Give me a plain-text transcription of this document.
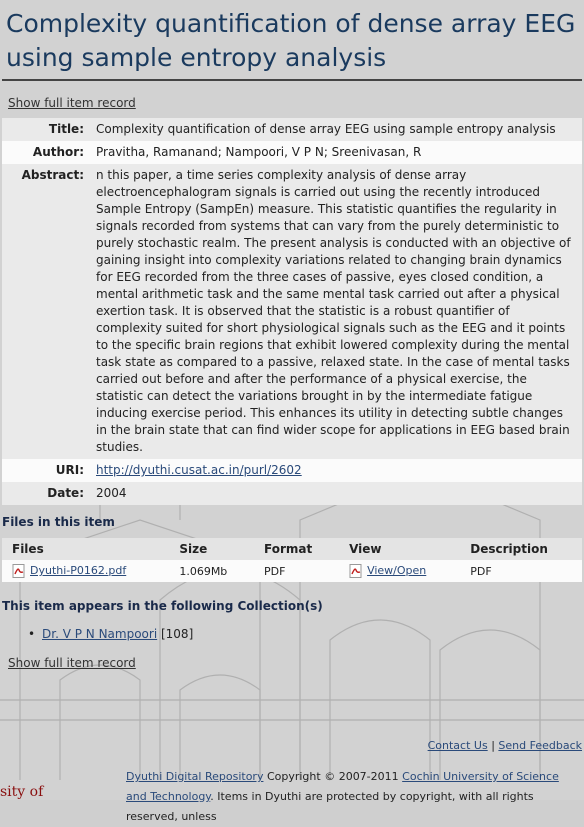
Complexity quantification of dense array EEG using sample entropy analysis
Show full item record
Title:	Complexity quantification of dense array EEG using sample entropy analysis
Author:	Pravitha, Ramanand; Nampoori, V P N; Sreenivasan, R
Abstract:	n this paper, a time series complexity analysis of dense array electroencephalogram signals is carried out using the recently introduced Sample Entropy (SampEn) measure. This statistic quantifies the regularity in signals recorded from systems that can vary from the purely deterministic to purely stochastic realm. The present analysis is conducted with an objective of gaining insight into complexity variations related to changing brain dynamics for EEG recorded from the three cases of passive, eyes closed condition, a mental arithmetic task and the same mental task carried out after a physical exertion task. It is observed that the statistic is a robust quantifier of complexity suited for short physiological signals such as the EEG and it points to the specific brain regions that exhibit lowered complexity during the mental task state as compared to a passive, relaxed state. In the case of mental tasks carried out before and after the performance of a physical exercise, the statistic can detect the variations brought in by the intermediate fatigue inducing exercise period. This enhances its utility in detecting subtle changes in the brain state that can find wider scope for applications in EEG based brain studies.
URI:	http://dyuthi.cusat.ac.in/purl/2602
Date:	2004
Files in this item
Files	Size	Format	View	Description
Dyuthi-P0162.pdf	1.069Mb	PDF	View/Open	PDF
This item appears in the following Collection(s)
• Dr. V P N Nampoori [108]
Show full item record
Contact Us | Send Feedback
Dyuthi Digital Repository Copyright © 2007-2011 Cochin University of Science and Technology. Items in Dyuthi are protected by copyright, with all rights reserved, unless
sity of
